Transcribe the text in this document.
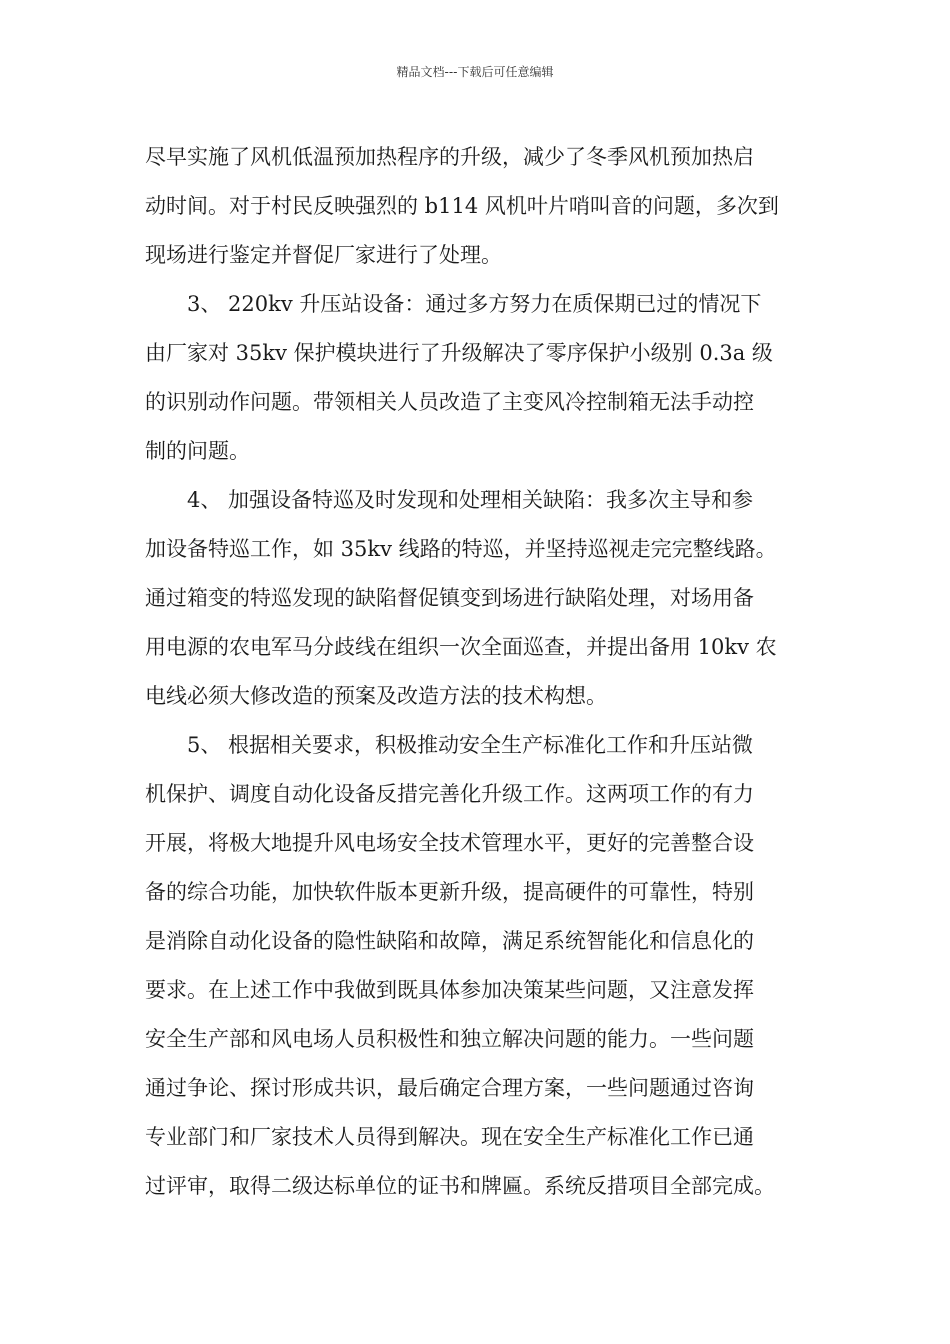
精品文档---下载后可任意编辑

尽早实施了风机低温预加热程序的升级，减少了冬季风机预加热启
动时间。对于村民反映强烈的 b114 风机叶片哨叫音的问题，多次到
现场进行鉴定并督促厂家进行了处理。

3、 220kv 升压站设备：通过多方努力在质保期已过的情况下
由厂家对 35kv 保护模块进行了升级解决了零序保护小级别 0.3a 级
的识别动作问题。带领相关人员改造了主变风冷控制箱无法手动控
制的问题。

4、 加强设备特巡及时发现和处理相关缺陷：我多次主导和参
加设备特巡工作，如 35kv 线路的特巡，并坚持巡视走完完整线路。
通过箱变的特巡发现的缺陷督促镇变到场进行缺陷处理，对场用备
用电源的农电军马分歧线在组织一次全面巡查，并提出备用 10kv 农
电线必须大修改造的预案及改造方法的技术构想。

5、 根据相关要求，积极推动安全生产标准化工作和升压站微
机保护、调度自动化设备反措完善化升级工作。这两项工作的有力
开展，将极大地提升风电场安全技术管理水平，更好的完善整合设
备的综合功能，加快软件版本更新升级，提高硬件的可靠性，特别
是消除自动化设备的隐性缺陷和故障，满足系统智能化和信息化的
要求。在上述工作中我做到既具体参加决策某些问题，又注意发挥
安全生产部和风电场人员积极性和独立解决问题的能力。一些问题
通过争论、探讨形成共识，最后确定合理方案，一些问题通过咨询
专业部门和厂家技术人员得到解决。现在安全生产标准化工作已通
过评审，取得二级达标单位的证书和牌匾。系统反措项目全部完成。
